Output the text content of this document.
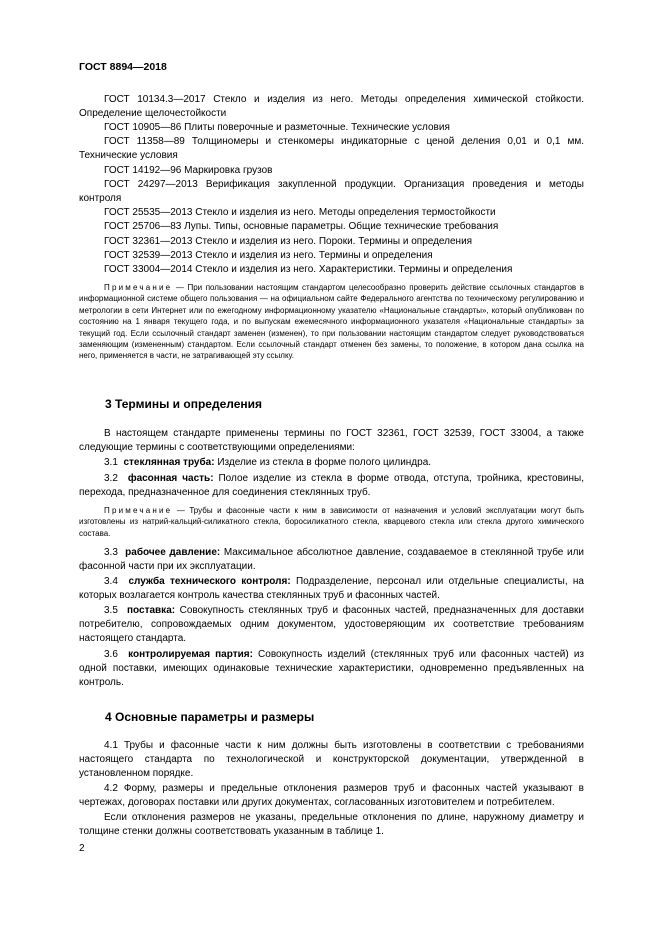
ГОСТ 8894—2018
ГОСТ 10134.3—2017 Стекло и изделия из него. Методы определения химической стойкости. Определение щелочестойкости
ГОСТ 10905—86 Плиты поверочные и разметочные. Технические условия
ГОСТ 11358—89 Толщиномеры и стенкомеры индикаторные с ценой деления 0,01 и 0,1 мм. Технические условия
ГОСТ 14192—96 Маркировка грузов
ГОСТ 24297—2013 Верификация закупленной продукции. Организация проведения и методы контроля
ГОСТ 25535—2013 Стекло и изделия из него. Методы определения термостойкости
ГОСТ 25706—83 Лупы. Типы, основные параметры. Общие технические требования
ГОСТ 32361—2013 Стекло и изделия из него. Пороки. Термины и определения
ГОСТ 32539—2013 Стекло и изделия из него. Термины и определения
ГОСТ 33004—2014 Стекло и изделия из него. Характеристики. Термины и определения
Примечание — При пользовании настоящим стандартом целесообразно проверить действие ссылочных стандартов в информационной системе общего пользования — на официальном сайте Федерального агентства по техническому регулированию и метрологии в сети Интернет или по ежегодному информационному указателю «Национальные стандарты», который опубликован по состоянию на 1 января текущего года, и по выпускам ежемесячного информационного указателя «Национальные стандарты» за текущий год. Если ссылочный стандарт заменен (изменен), то при пользовании настоящим стандартом следует руководствоваться заменяющим (измененным) стандартом. Если ссылочный стандарт отменен без замены, то положение, в котором дана ссылка на него, применяется в части, не затрагивающей эту ссылку.
3 Термины и определения
В настоящем стандарте применены термины по ГОСТ 32361, ГОСТ 32539, ГОСТ 33004, а также следующие термины с соответствующими определениями:
3.1 стеклянная труба: Изделие из стекла в форме полого цилиндра.
3.2 фасонная часть: Полое изделие из стекла в форме отвода, отступа, тройника, крестовины, перехода, предназначенное для соединения стеклянных труб.
Примечание — Трубы и фасонные части к ним в зависимости от назначения и условий эксплуатации могут быть изготовлены из натрий-кальций-силикатного стекла, боросиликатного стекла, кварцевого стекла или стекла другого химического состава.
3.3 рабочее давление: Максимальное абсолютное давление, создаваемое в стеклянной трубе или фасонной части при их эксплуатации.
3.4 служба технического контроля: Подразделение, персонал или отдельные специалисты, на которых возлагается контроль качества стеклянных труб и фасонных частей.
3.5 поставка: Совокупность стеклянных труб и фасонных частей, предназначенных для доставки потребителю, сопровождаемых одним документом, удостоверяющим их соответствие требованиям настоящего стандарта.
3.6 контролируемая партия: Совокупность изделий (стеклянных труб или фасонных частей) из одной поставки, имеющих одинаковые технические характеристики, одновременно предъявленных на контроль.
4 Основные параметры и размеры
4.1 Трубы и фасонные части к ним должны быть изготовлены в соответствии с требованиями настоящего стандарта по технологической и конструкторской документации, утвержденной в установленном порядке.
4.2 Форму, размеры и предельные отклонения размеров труб и фасонных частей указывают в чертежах, договорах поставки или других документах, согласованных изготовителем и потребителем.
Если отклонения размеров не указаны, предельные отклонения по длине, наружному диаметру и толщине стенки должны соответствовать указанным в таблице 1.
2
